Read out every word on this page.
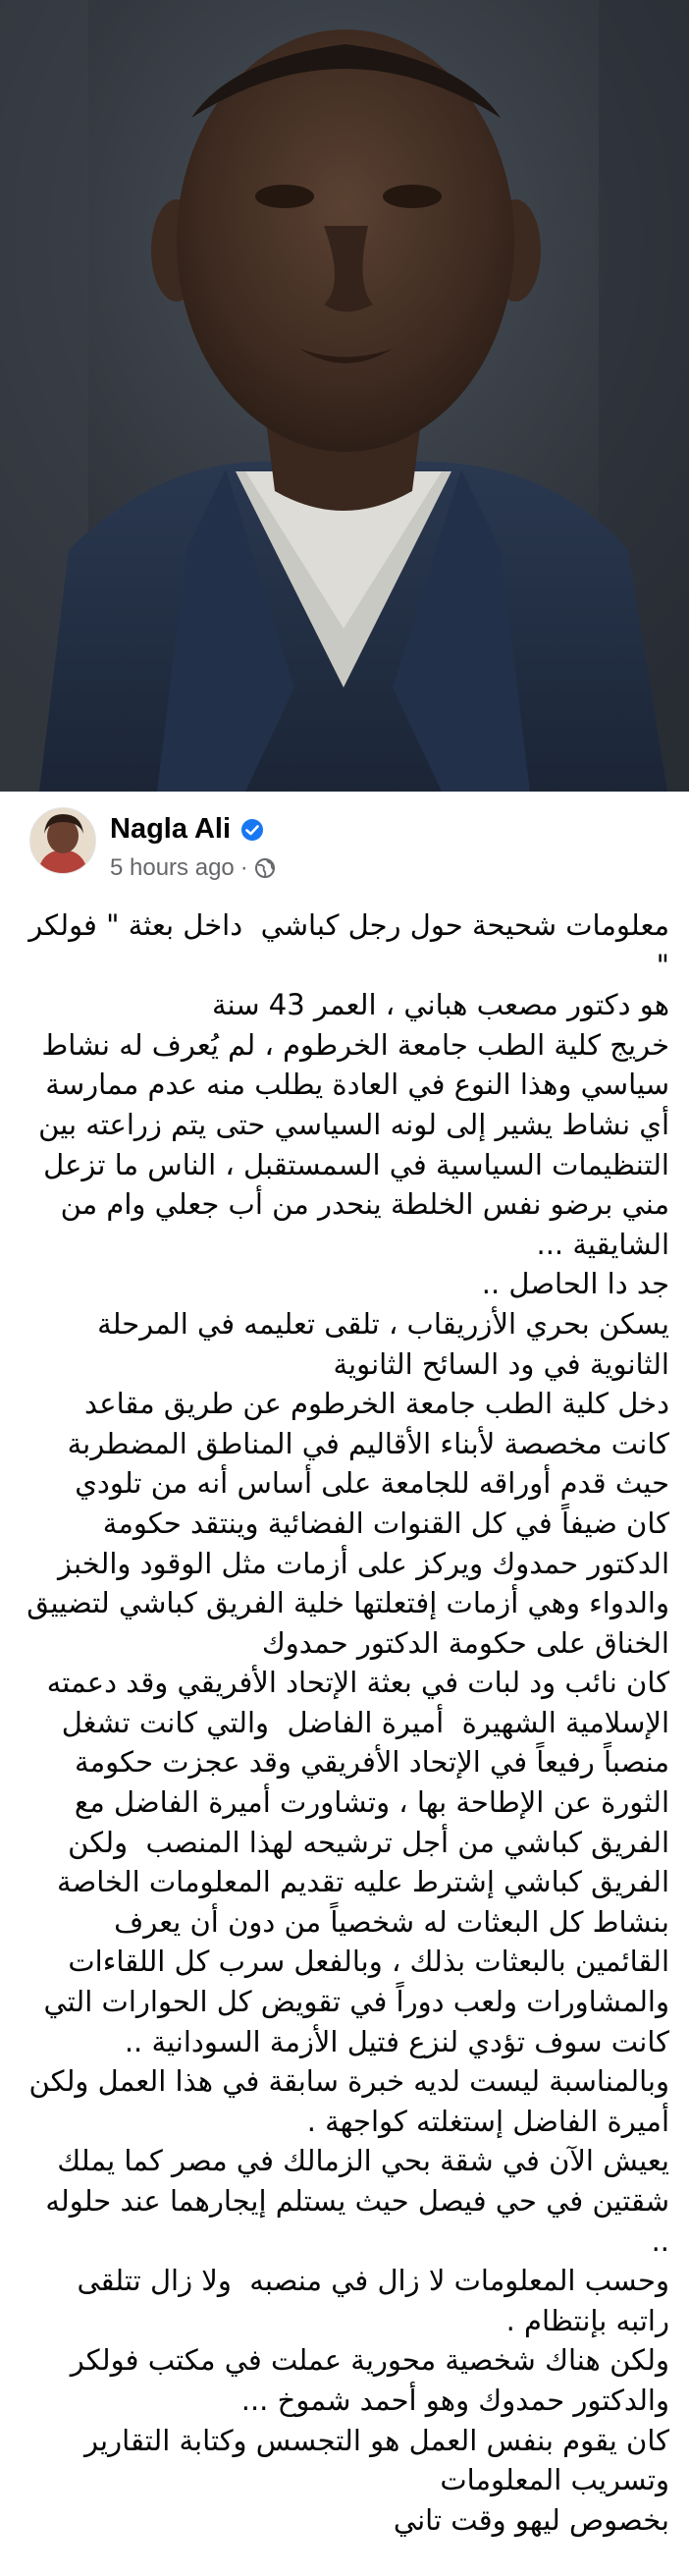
Nagla Ali
5 hours ago ·

معلومات شحيحة حول رجل كباشي  داخل بعثة " فولكر "

هو دكتور مصعب هباني ، العمر 43 سنة

خريج كلية الطب جامعة الخرطوم ، لم يُعرف له نشاط سياسي وهذا النوع في العادة يطلب منه عدم ممارسة أي نشاط يشير إلى لونه السياسي حتى يتم زراعته بين التنظيمات السياسية في السمستقبل ، الناس ما تزعل مني برضو نفس الخلطة ينحدر من أب جعلي وام من الشايقية ...

جد دا الحاصل ..

يسكن بحري الأزريقاب ، تلقى تعليمه في المرحلة الثانوية في ود السائح الثانوية

دخل كلية الطب جامعة الخرطوم عن طريق مقاعد كانت مخصصة لأبناء الأقاليم في المناطق المضطربة حيث قدم أوراقه للجامعة على أساس أنه من تلودي

كان ضيفاً في كل القنوات الفضائية وينتقد حكومة الدكتور حمدوك ويركز على أزمات مثل الوقود والخبز والدواء وهي أزمات إفتعلتها خلية الفريق كباشي لتضييق الخناق على حكومة الدكتور حمدوك

كان نائب ود لبات في بعثة الإتحاد الأفريقي وقد دعمته الإسلامية الشهيرة  أميرة الفاضل  والتي كانت تشغل منصباً رفيعاً في الإتحاد الأفريقي وقد عجزت حكومة الثورة عن الإطاحة بها ، وتشاورت أميرة الفاضل مع الفريق كباشي من أجل ترشيحه لهذا المنصب  ولكن الفريق كباشي إشترط عليه تقديم المعلومات الخاصة بنشاط كل البعثات له شخصياً من دون أن يعرف القائمين بالبعثات بذلك ، وبالفعل سرب كل اللقاءات والمشاورات ولعب دوراً في تقويض كل الحوارات التي كانت سوف تؤدي لنزع فتيل الأزمة السودانية ..

وبالمناسبة ليست لديه خبرة سابقة في هذا العمل ولكن أميرة الفاضل إستغلته كواجهة .

يعيش الآن في شقة بحي الزمالك في مصر كما يملك شقتين في حي فيصل حيث يستلم إيجارهما عند حلوله  ..

وحسب المعلومات لا زال في منصبه  ولا زال تتلقى راتبه بإنتظام .

ولكن هناك شخصية محورية عملت في مكتب فولكر والدكتور حمدوك وهو أحمد شموخ ...

كان يقوم بنفس العمل هو التجسس وكتابة التقارير وتسريب المعلومات

بخصوص ليهو وقت تاني
